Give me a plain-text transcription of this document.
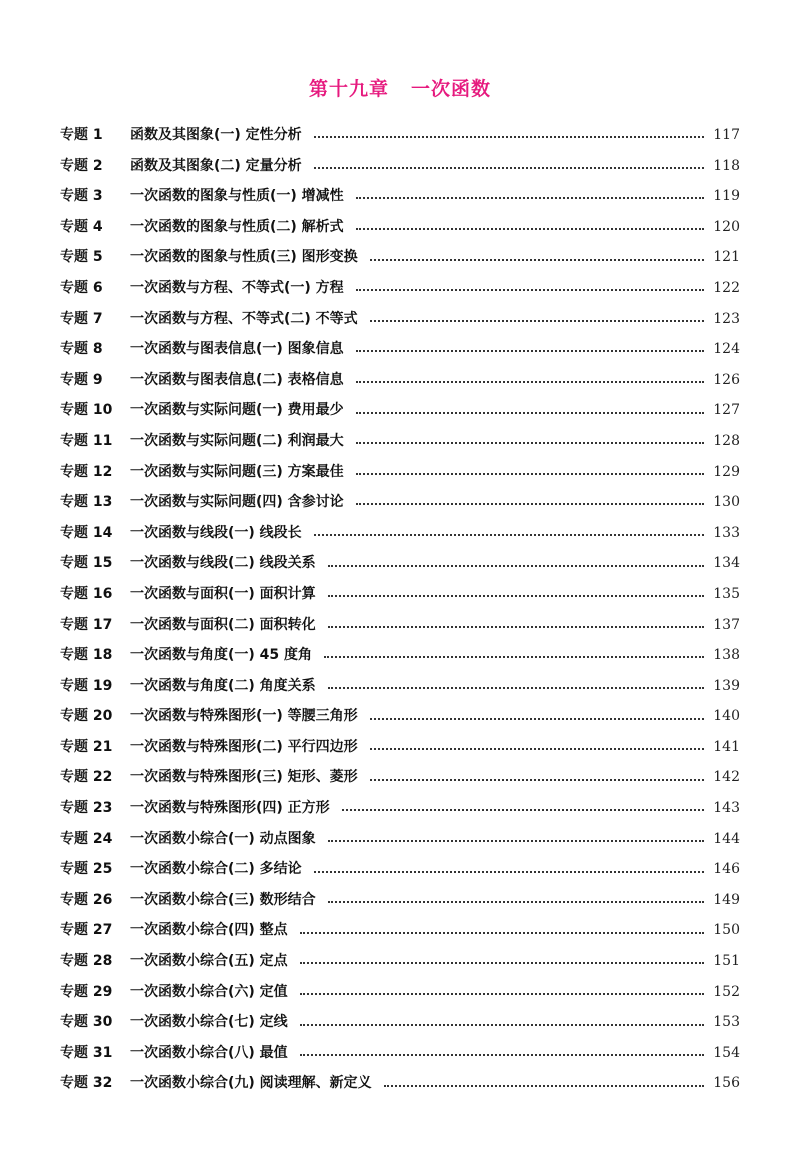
第十九章 一次函数
专题 1	函数及其图象(一) 定性分析	117
专题 2	函数及其图象(二) 定量分析	118
专题 3	一次函数的图象与性质(一) 增减性	119
专题 4	一次函数的图象与性质(二) 解析式	120
专题 5	一次函数的图象与性质(三) 图形变换	121
专题 6	一次函数与方程、不等式(一) 方程	122
专题 7	一次函数与方程、不等式(二) 不等式	123
专题 8	一次函数与图表信息(一) 图象信息	124
专题 9	一次函数与图表信息(二) 表格信息	126
专题 10	一次函数与实际问题(一) 费用最少	127
专题 11	一次函数与实际问题(二) 利润最大	128
专题 12	一次函数与实际问题(三) 方案最佳	129
专题 13	一次函数与实际问题(四) 含参讨论	130
专题 14	一次函数与线段(一) 线段长	133
专题 15	一次函数与线段(二) 线段关系	134
专题 16	一次函数与面积(一) 面积计算	135
专题 17	一次函数与面积(二) 面积转化	137
专题 18	一次函数与角度(一) 45 度角	138
专题 19	一次函数与角度(二) 角度关系	139
专题 20	一次函数与特殊图形(一) 等腰三角形	140
专题 21	一次函数与特殊图形(二) 平行四边形	141
专题 22	一次函数与特殊图形(三) 矩形、菱形	142
专题 23	一次函数与特殊图形(四) 正方形	143
专题 24	一次函数小综合(一) 动点图象	144
专题 25	一次函数小综合(二) 多结论	146
专题 26	一次函数小综合(三) 数形结合	149
专题 27	一次函数小综合(四) 整点	150
专题 28	一次函数小综合(五) 定点	151
专题 29	一次函数小综合(六) 定值	152
专题 30	一次函数小综合(七) 定线	153
专题 31	一次函数小综合(八) 最值	154
专题 32	一次函数小综合(九) 阅读理解、新定义	156
